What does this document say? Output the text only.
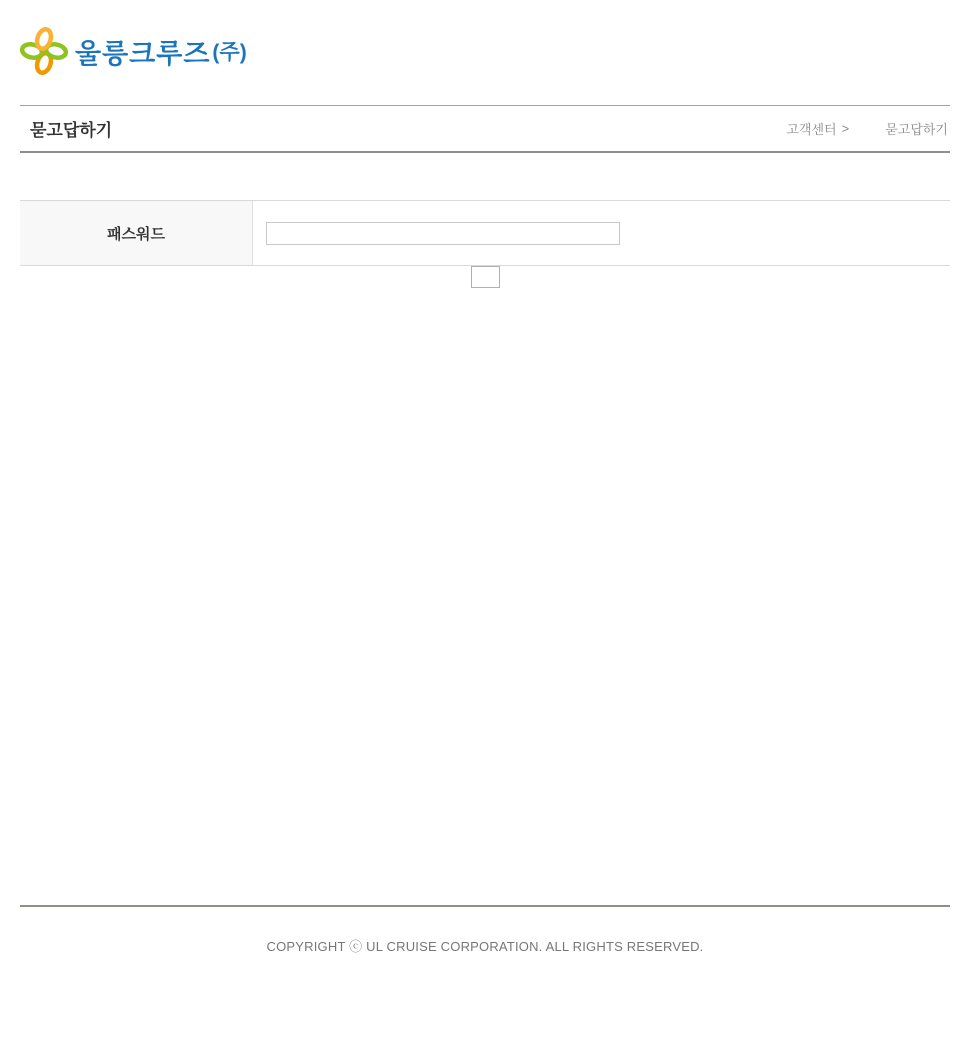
울릉크루즈 (주)
묻고답하기	고객센터 >	묻고답하기
패스워드
COPYRIGHT ⓒ UL CRUISE CORPORATION. ALL RIGHTS RESERVED.
